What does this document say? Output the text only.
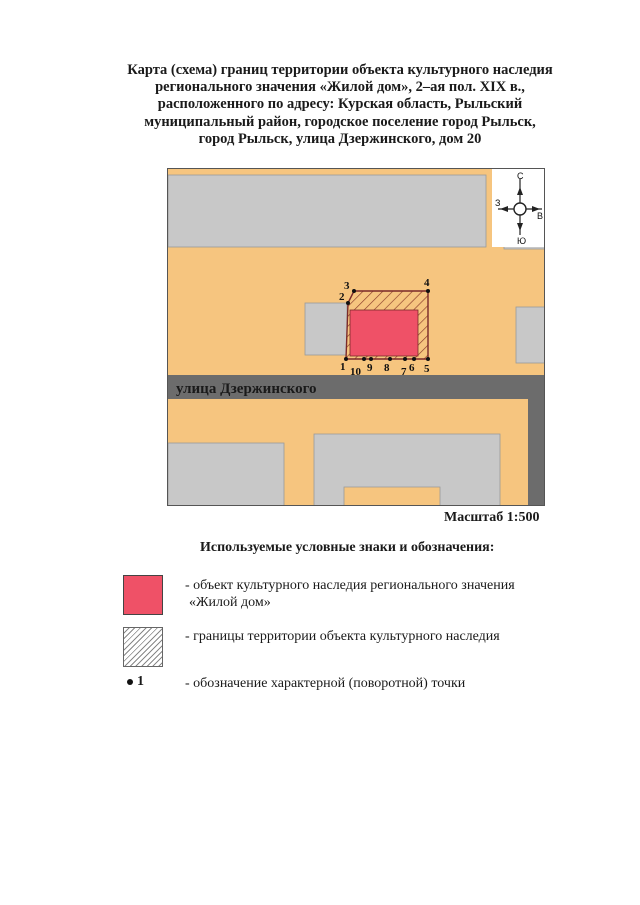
Карта (схема) границ территории объекта культурного наследия
регионального значения «Жилой дом», 2–ая пол. XIX в.,
расположенного по адресу: Курская область, Рыльский
муниципальный район, городское поселение город Рыльск,
город Рыльск, улица Дзержинского, дом 20
улица Дзержинского
1
2
3	4
5
6
7
8
9
10
С
Ю
З
В
Масштаб 1:500
Используемые условные знаки и обозначения:
- объект культурного наследия регионального значения
«Жилой дом»
- границы территории объекта культурного наследия
1	- обозначение характерной (поворотной) точки
